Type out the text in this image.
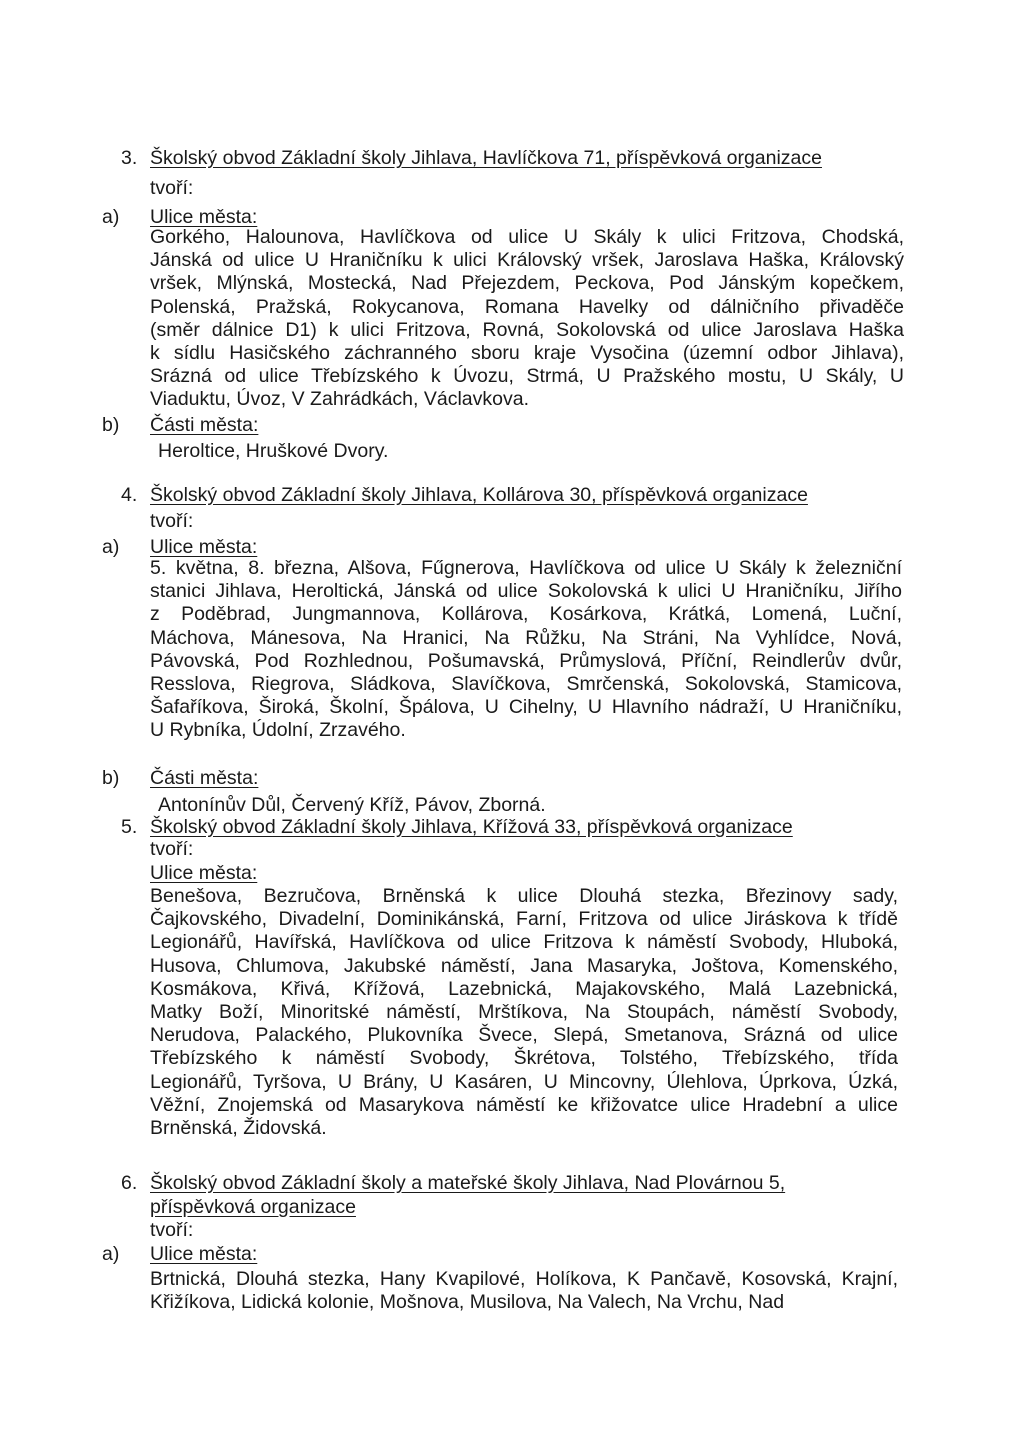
3. Školský obvod Základní školy Jihlava, Havlíčkova 71, příspěvková organizace
tvoří:
a) Ulice města:
Gorkého, Halounova, Havlíčkova od ulice U Skály k ulici Fritzova, Chodská,
Jánská od ulice U Hraničníku k ulici Královský vršek, Jaroslava Haška, Královský
vršek, Mlýnská, Mostecká, Nad Přejezdem, Peckova, Pod Jánským kopečkem,
Polenská, Pražská, Rokycanova, Romana Havelky od dálničního přivaděče
(směr dálnice D1) k ulici Fritzova, Rovná, Sokolovská od ulice Jaroslava Haška
k sídlu Hasičského záchranného sboru kraje Vysočina (územní odbor Jihlava),
Srázná od ulice Třebízského k Úvozu, Strmá, U Pražského mostu, U Skály, U
Viaduktu, Úvoz, V Zahrádkách, Václavkova.
b) Části města:
Heroltice, Hruškové Dvory.
4. Školský obvod Základní školy Jihlava, Kollárova 30, příspěvková organizace
tvoří:
a) Ulice města:
5. května, 8. března, Alšova, Fűgnerova, Havlíčkova od ulice U Skály k železniční
stanici Jihlava, Heroltická, Jánská od ulice Sokolovská k ulici U Hraničníku, Jiřího
z Poděbrad, Jungmannova, Kollárova, Kosárkova, Krátká, Lomená, Luční,
Máchova, Mánesova, Na Hranici, Na Růžku, Na Stráni, Na Vyhlídce, Nová,
Pávovská, Pod Rozhlednou, Pošumavská, Průmyslová, Příční, Reindlerův dvůr,
Resslova, Riegrova, Sládkova, Slavíčkova, Smrčenská, Sokolovská, Stamicova,
Šafaříkova, Široká, Školní, Špálova, U Cihelny, U Hlavního nádraží, U Hraničníku,
U Rybníka, Údolní, Zrzavého.
b) Části města:
Antonínův Důl, Červený Kříž, Pávov, Zborná.
5. Školský obvod Základní školy Jihlava, Křížová 33, příspěvková organizace
tvoří:
Ulice města:
Benešova, Bezručova, Brněnská k ulice Dlouhá stezka, Březinovy sady,
Čajkovského, Divadelní, Dominikánská, Farní, Fritzova od ulice Jiráskova k třídě
Legionářů, Havířská, Havlíčkova od ulice Fritzova k náměstí Svobody, Hluboká,
Husova, Chlumova, Jakubské náměstí, Jana Masaryka, Joštova, Komenského,
Kosmákova, Křivá, Křížová, Lazebnická, Majakovského, Malá Lazebnická,
Matky Boží, Minoritské náměstí, Mrštíkova, Na Stoupách, náměstí Svobody,
Nerudova, Palackého, Plukovníka Švece, Slepá, Smetanova, Srázná od ulice
Třebízského k náměstí Svobody, Škrétova, Tolstého, Třebízského, třída
Legionářů, Tyršova, U Brány, U Kasáren, U Mincovny, Úlehlova, Úprkova, Úzká,
Věžní, Znojemská od Masarykova náměstí ke křižovatce ulice Hradební a ulice
Brněnská, Židovská.
6. Školský obvod Základní školy a mateřské školy Jihlava, Nad Plovárnou 5,
příspěvková organizace
tvoří:
a) Ulice města:
Brtnická, Dlouhá stezka, Hany Kvapilové, Holíkova, K Pančavě, Kosovská, Krajní,
Křižíkova, Lidická kolonie, Mošnova, Musilova, Na Valech, Na Vrchu, Nad
